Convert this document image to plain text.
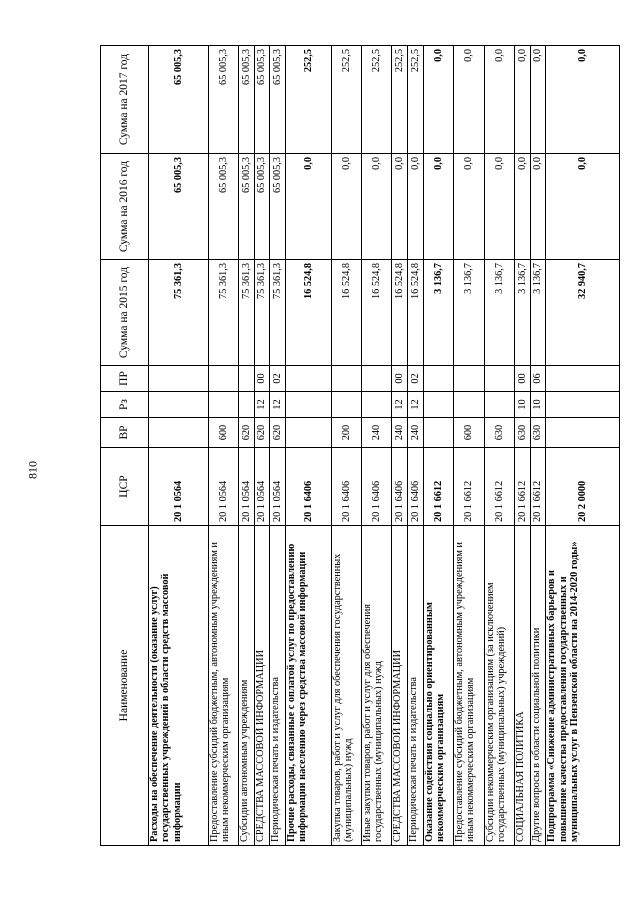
810
Наименование	ЦСР	ВР	Рз	ПР	Сумма на 2015 год	Сумма на 2016 год	Сумма на 2017 год
Расходы на обеспечение деятельности (оказание услуг) государственных учреждений в области средств массовой информации	20 1 0564				75 361,3	65 005,3	65 005,3
Предоставление субсидий бюджетным, автономным учреждениям и иным некоммерческим организациям	20 1 0564	600			75 361,3	65 005,3	65 005,3
Субсидии автономным учреждениям	20 1 0564	620			75 361,3	65 005,3	65 005,3
СРЕДСТВА МАССОВОЙ ИНФОРМАЦИИ	20 1 0564	620	12	00	75 361,3	65 005,3	65 005,3
Периодическая печать и издательства	20 1 0564	620	12	02	75 361,3	65 005,3	65 005,3
Прочие расходы, связанные с оплатой услуг по предоставлению информации населению через средства массовой информации	20 1 6406				16 524,8	0,0	252,5
Закупка товаров, работ и услуг для обеспечения государственных (муниципальных) нужд	20 1 6406	200			16 524,8	0,0	252,5
Иные закупки товаров, работ и услуг для обеспечения государственных (муниципальных) нужд	20 1 6406	240			16 524,8	0,0	252,5
СРЕДСТВА МАССОВОЙ ИНФОРМАЦИИ	20 1 6406	240	12	00	16 524,8	0,0	252,5
Периодическая печать и издательства	20 1 6406	240	12	02	16 524,8	0,0	252,5
Оказание содействия социально ориентированным некоммерческим организациям	20 1 6612				3 136,7	0,0	0,0
Предоставление субсидий бюджетным, автономным учреждениям и иным некоммерческим организациям	20 1 6612	600			3 136,7	0,0	0,0
Субсидии некоммерческим организациям (за исключением государственных (муниципальных) учреждений)	20 1 6612	630			3 136,7	0,0	0,0
СОЦИАЛЬНАЯ ПОЛИТИКА	20 1 6612	630	10	00	3 136,7	0,0	0,0
Другие вопросы в области социальной политики	20 1 6612	630	10	06	3 136,7	0,0	0,0
Подпрограмма «Снижение административных барьеров и повышение качества предоставления государственных и муниципальных услуг в Пензенской области на 2014-2020 годы»	20 2 0000				32 940,7	0,0	0,0
